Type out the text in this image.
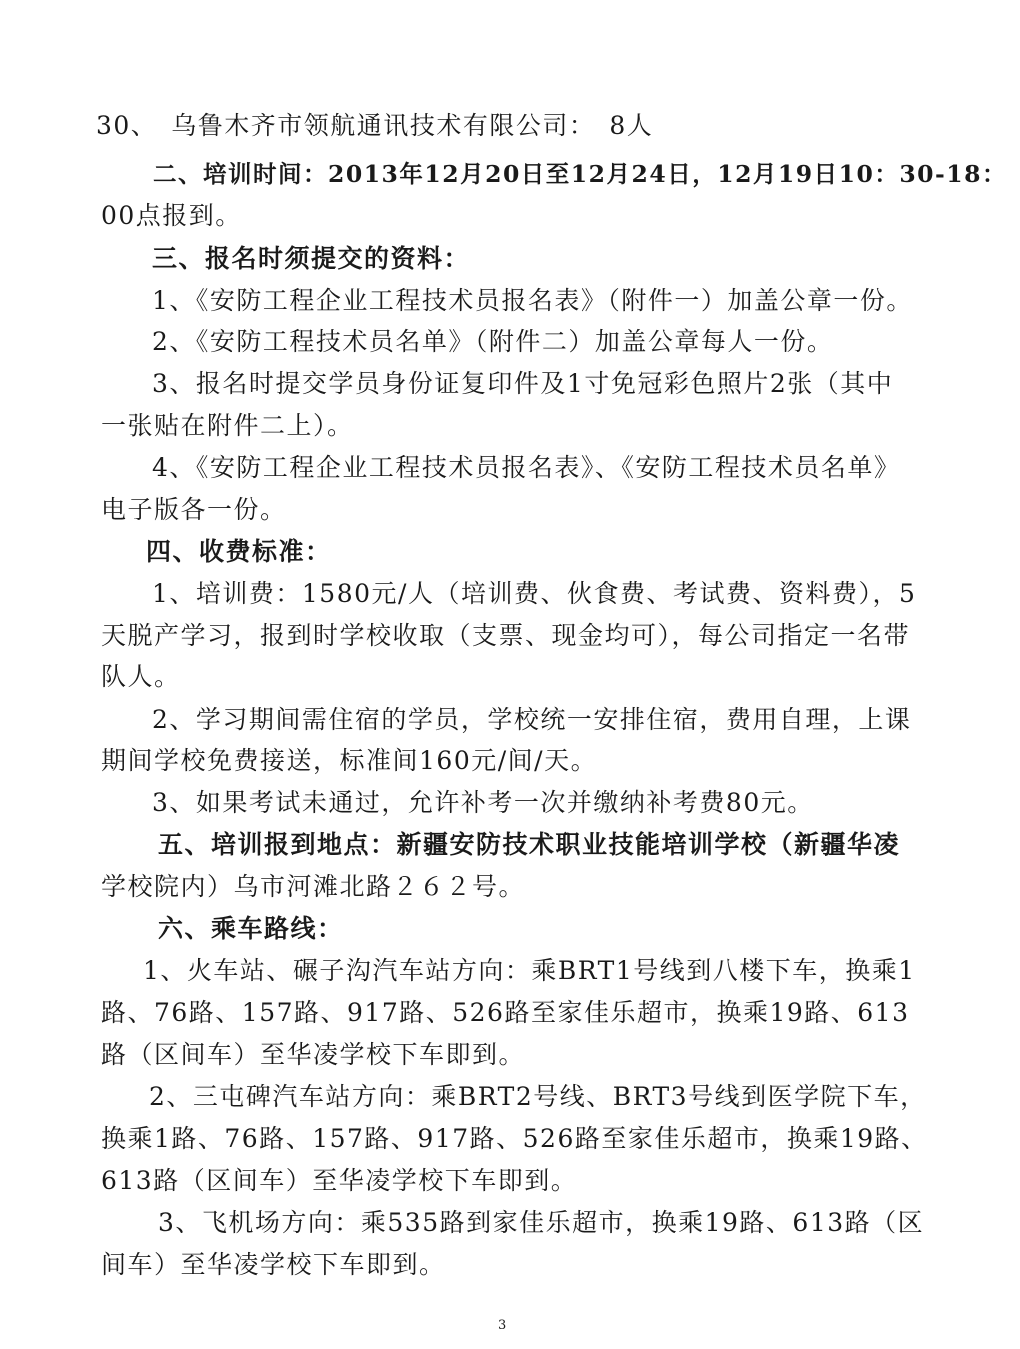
30、　乌鲁木齐市领航通讯技术有限公司：　8人
二、培训时间：2013年12月20日至12月24日，12月19日10：30-18：
00点报到。
三、报名时须提交的资料：
1、《安防工程企业工程技术员报名表》（附件一）加盖公章一份。
2、《安防工程技术员名单》（附件二）加盖公章每人一份。
3、报名时提交学员身份证复印件及1寸免冠彩色照片2张（其中
一张贴在附件二上）。
4、《安防工程企业工程技术员报名表》、《安防工程技术员名单》
电子版各一份。
四、收费标准：
1、培训费：1580元/人（培训费、伙食费、考试费、资料费），5
天脱产学习，报到时学校收取（支票、现金均可），每公司指定一名带
队人。
2、学习期间需住宿的学员，学校统一安排住宿，费用自理，上课
期间学校免费接送，标准间160元/间/天。
3、如果考试未通过，允许补考一次并缴纳补考费80元。
五、培训报到地点：新疆安防技术职业技能培训学校（新疆华凌
学校院内）乌市河滩北路２６２号。
六、乘车路线：
1、火车站、碾子沟汽车站方向：乘BRT1号线到八楼下车，换乘1
路、76路、157路、917路、526路至家佳乐超市，换乘19路、613
路（区间车）至华凌学校下车即到。
2、三屯碑汽车站方向：乘BRT2号线、BRT3号线到医学院下车，
换乘1路、76路、157路、917路、526路至家佳乐超市，换乘19路、
613路（区间车）至华凌学校下车即到。
3、飞机场方向：乘535路到家佳乐超市，换乘19路、613路（区
间车）至华凌学校下车即到。
3
